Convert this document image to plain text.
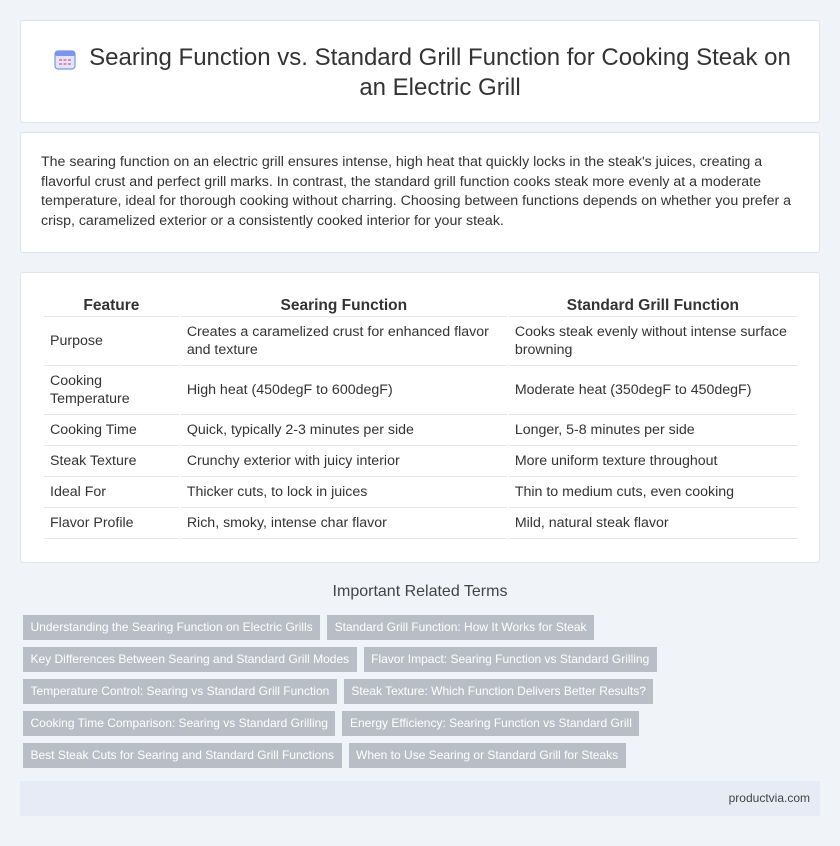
Searing Function vs. Standard Grill Function for Cooking Steak on an Electric Grill

The searing function on an electric grill ensures intense, high heat that quickly locks in the steak's juices, creating a flavorful crust and perfect grill marks. In contrast, the standard grill function cooks steak more evenly at a moderate temperature, ideal for thorough cooking without charring. Choosing between functions depends on whether you prefer a crisp, caramelized exterior or a consistently cooked interior for your steak.

Feature	Searing Function	Standard Grill Function
Purpose	Creates a caramelized crust for enhanced flavor and texture	Cooks steak evenly without intense surface browning
Cooking Temperature	High heat (450degF to 600degF)	Moderate heat (350degF to 450degF)
Cooking Time	Quick, typically 2-3 minutes per side	Longer, 5-8 minutes per side
Steak Texture	Crunchy exterior with juicy interior	More uniform texture throughout
Ideal For	Thicker cuts, to lock in juices	Thin to medium cuts, even cooking
Flavor Profile	Rich, smoky, intense char flavor	Mild, natural steak flavor
Important Related Terms
Understanding the Searing Function on Electric Grills	Standard Grill Function: How It Works for Steak
Key Differences Between Searing and Standard Grill Modes	Flavor Impact: Searing Function vs Standard Grilling
Temperature Control: Searing vs Standard Grill Function	Steak Texture: Which Function Delivers Better Results?
Cooking Time Comparison: Searing vs Standard Grilling	Energy Efficiency: Searing Function vs Standard Grill
Best Steak Cuts for Searing and Standard Grill Functions	When to Use Searing or Standard Grill for Steaks
productvia.com
